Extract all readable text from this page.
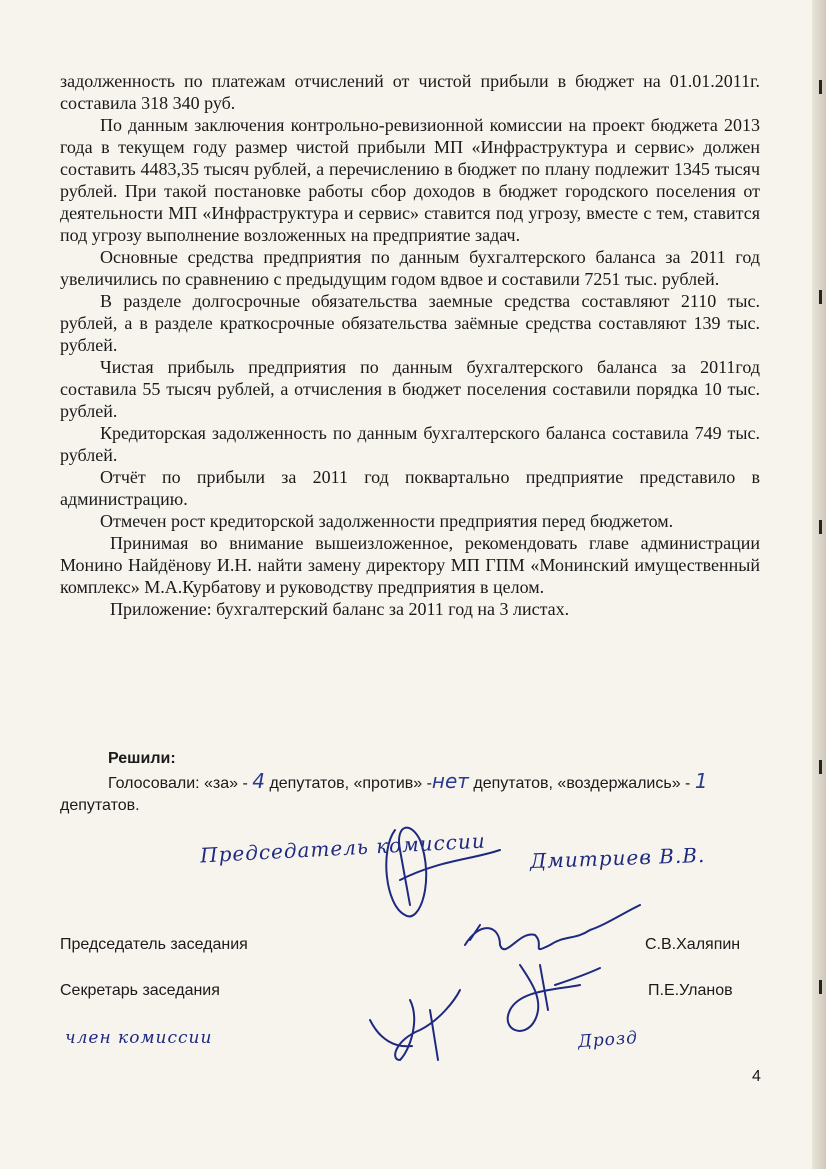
задолженность по платежам отчислений от чистой прибыли в бюджет на 01.01.2011г. составила 318 340 руб.

По данным заключения контрольно-ревизионной комиссии на проект бюджета 2013 года в текущем году размер чистой прибыли МП «Инфраструктура и сервис» должен составить 4483,35 тысяч рублей, а перечислению в бюджет по плану подлежит 1345 тысяч рублей. При такой постановке работы сбор доходов в бюджет городского поселения от деятельности МП «Инфраструктура и сервис» ставится под угрозу, вместе с тем, ставится под угрозу выполнение возложенных на предприятие задач.

Основные средства предприятия по данным бухгалтерского баланса за 2011 год увеличились по сравнению с предыдущим годом вдвое и составили 7251 тыс. рублей.

В разделе долгосрочные обязательства заемные средства составляют 2110 тыс. рублей, а в разделе краткосрочные обязательства заёмные средства составляют 139 тыс. рублей.

Чистая прибыль предприятия по данным бухгалтерского баланса за 2011год составила 55 тысяч рублей, а отчисления в бюджет поселения составили порядка 10 тыс. рублей.

Кредиторская задолженность по данным бухгалтерского баланса составила 749 тыс. рублей.

Отчёт по прибыли за 2011 год поквартально предприятие представило в администрацию.

Отмечен рост кредиторской задолженности предприятия перед бюджетом.

Принимая во внимание вышеизложенное, рекомендовать главе администрации Монино Найдёнову И.Н. найти замену директору МП ГПМ «Монинский имущественный комплекс» М.А.Курбатову и руководству предприятия в целом.

Приложение: бухгалтерский баланс за 2011 год на 3 листах.

Решили:
Голосовали: «за» - 4 депутатов, «против» -нет депутатов, «воздержались» - 1
депутатов.
Председатель комиссии Дмитриев В.В.
член комиссии	Дрозд
Председатель заседания	С.В.Халяпин
Секретарь заседания	П.Е.Уланов
4
